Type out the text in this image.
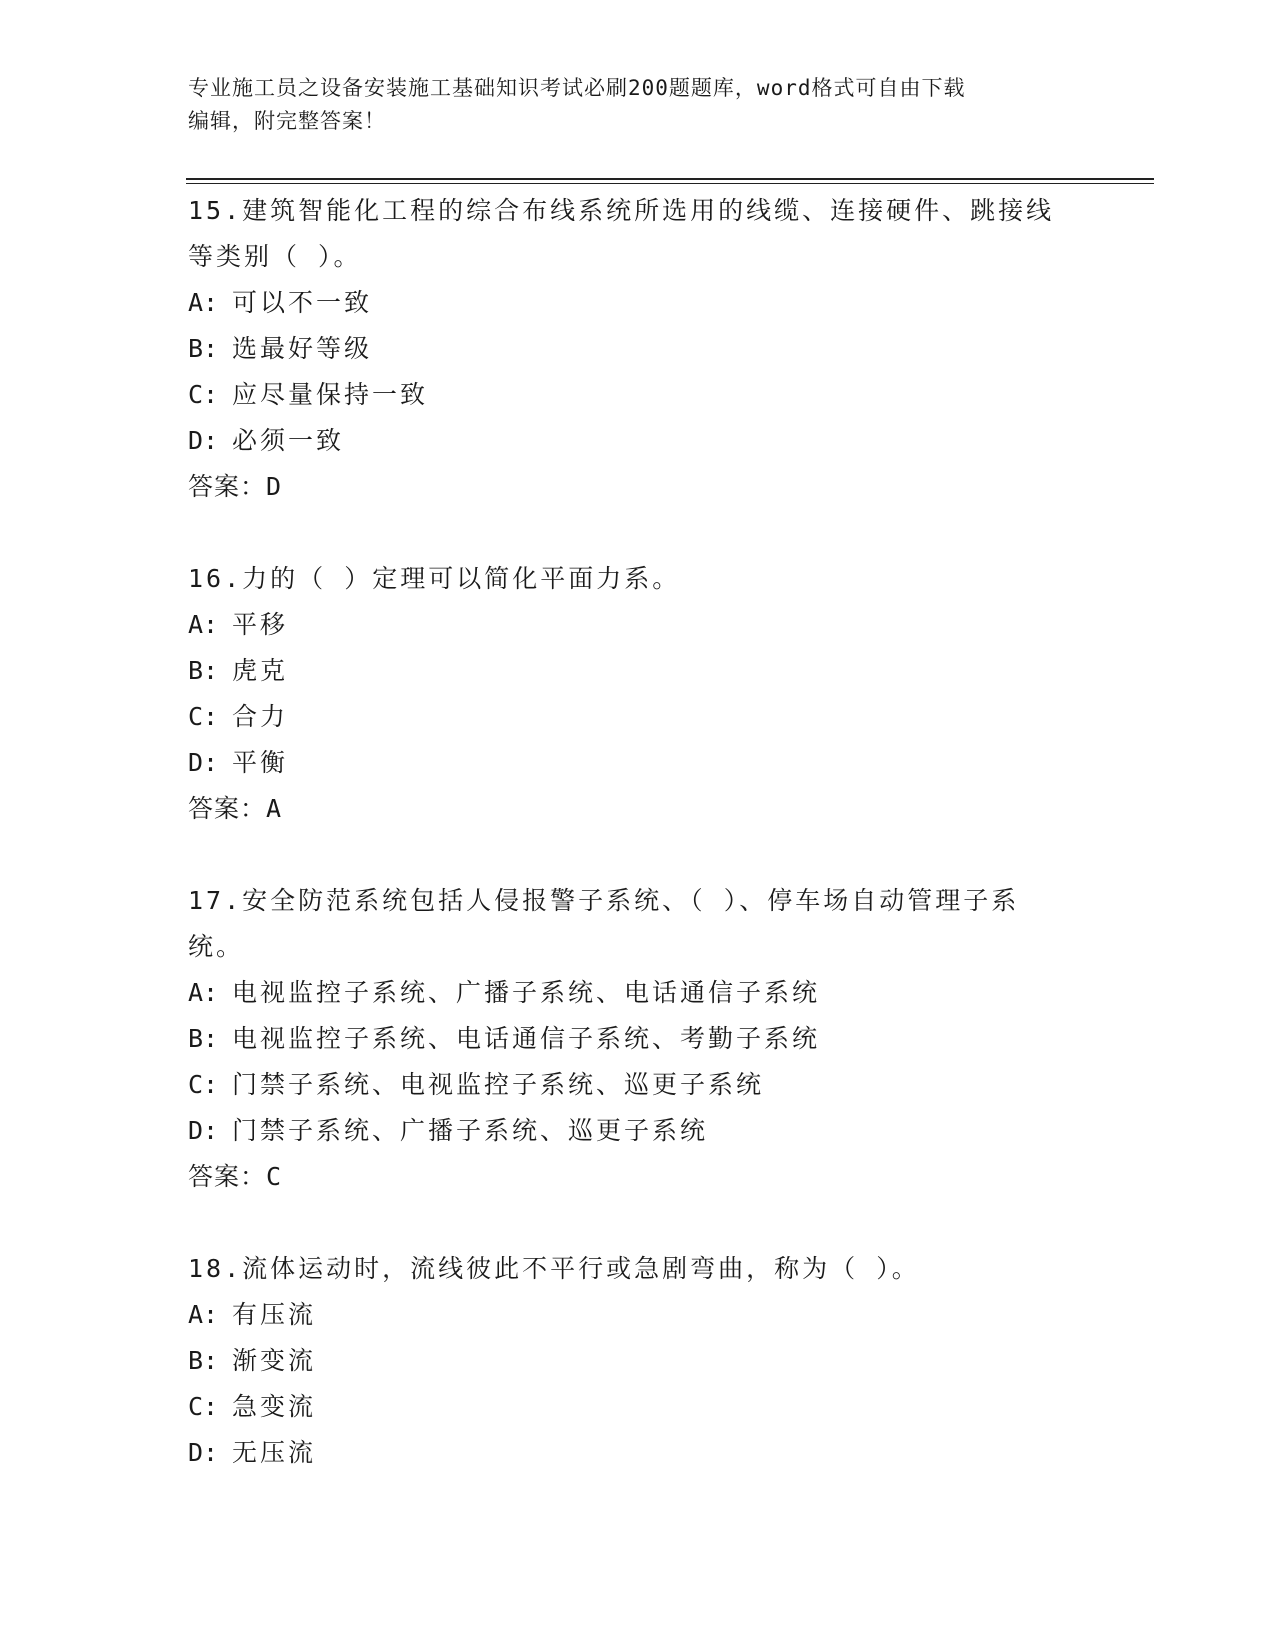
专业施工员之设备安装施工基础知识考试必刷200题题库，word格式可自由下载
编辑，附完整答案！

15.建筑智能化工程的综合布线系统所选用的线缆、连接硬件、跳接线

等类别（ ）。

A: 可以不一致

B: 选最好等级

C: 应尽量保持一致

D: 必须一致

答案：D

16.力的（ ）定理可以简化平面力系。

A: 平移

B: 虎克

C: 合力

D: 平衡

答案：A

17.安全防范系统包括人侵报警子系统、（ ）、停车场自动管理子系

统。

A: 电视监控子系统、广播子系统、电话通信子系统

B: 电视监控子系统、电话通信子系统、考勤子系统

C: 门禁子系统、电视监控子系统、巡更子系统

D: 门禁子系统、广播子系统、巡更子系统

答案：C

18.流体运动时，流线彼此不平行或急剧弯曲，称为（ ）。

A: 有压流

B: 渐变流

C: 急变流

D: 无压流
